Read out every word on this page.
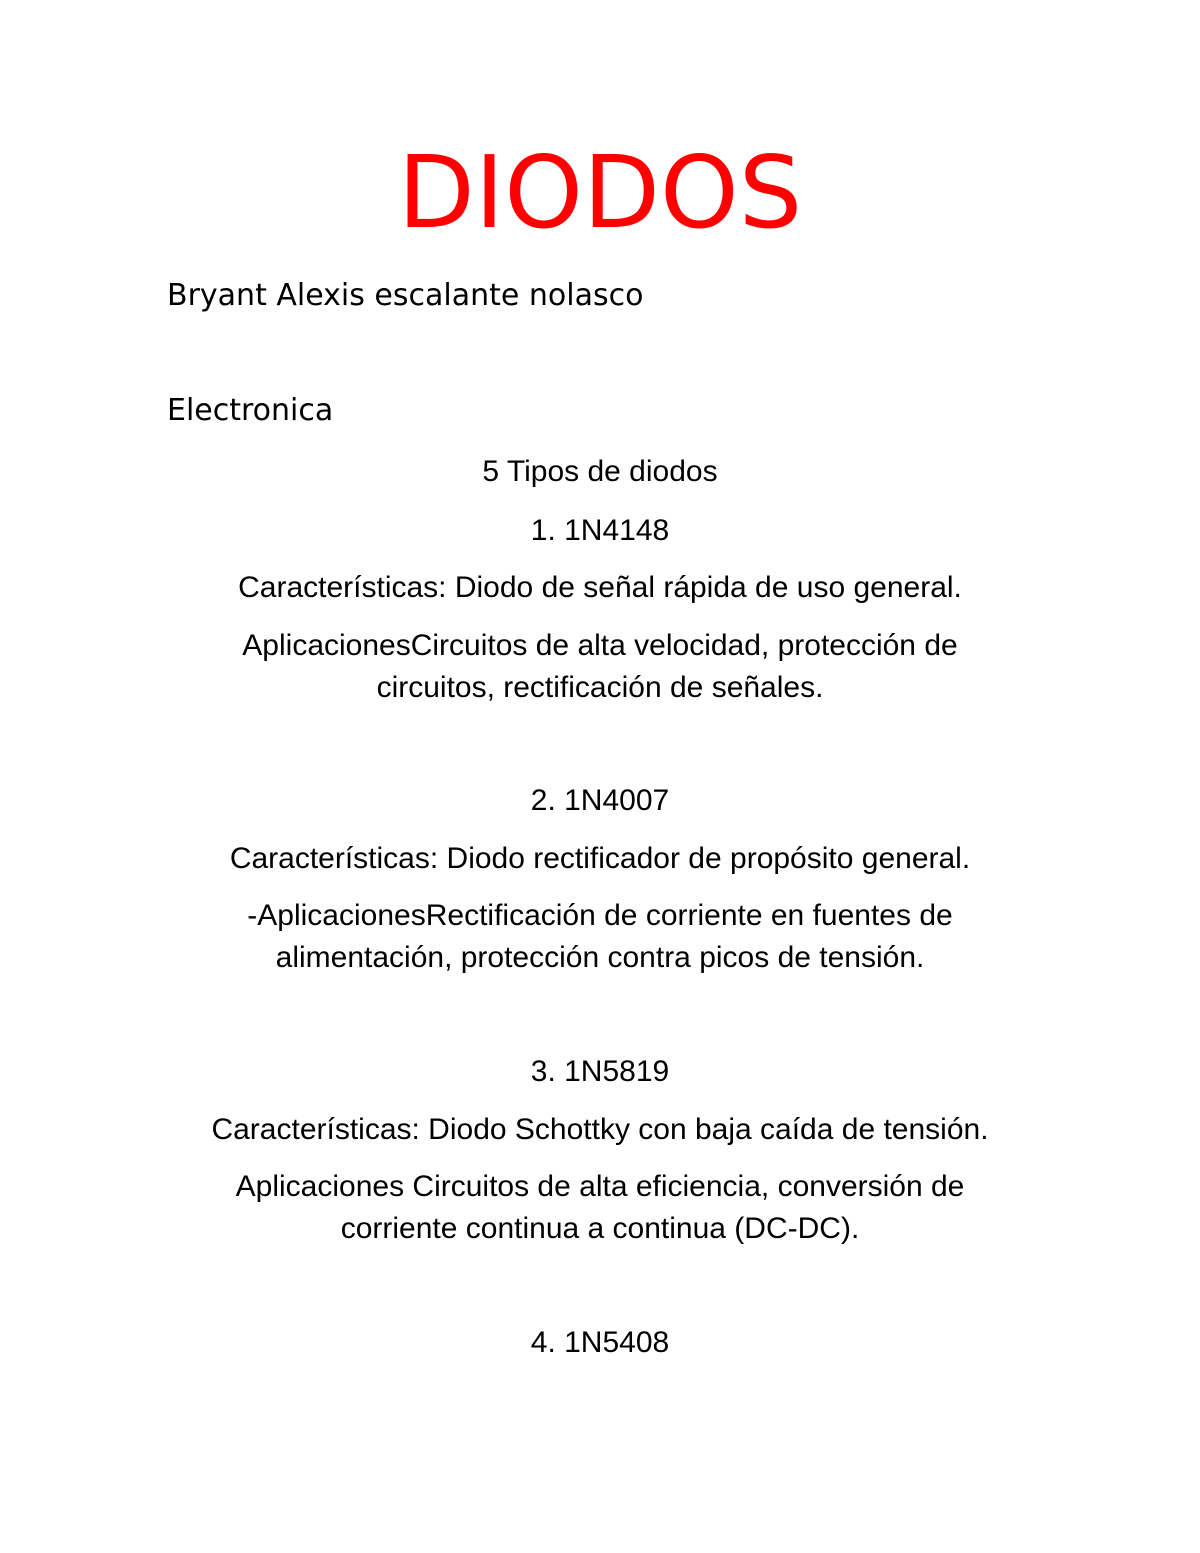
DIODOS
Bryant Alexis escalante nolasco
Electronica
5 Tipos de diodos
1. 1N4148
Características: Diodo de señal rápida de uso general.
AplicacionesCircuitos de alta velocidad, protección de
circuitos, rectificación de señales.
2. 1N4007
Características: Diodo rectificador de propósito general.
-AplicacionesRectificación de corriente en fuentes de
alimentación, protección contra picos de tensión.
3. 1N5819
Características: Diodo Schottky con baja caída de tensión.
Aplicaciones Circuitos de alta eficiencia, conversión de
corriente continua a continua (DC-DC).
4. 1N5408
